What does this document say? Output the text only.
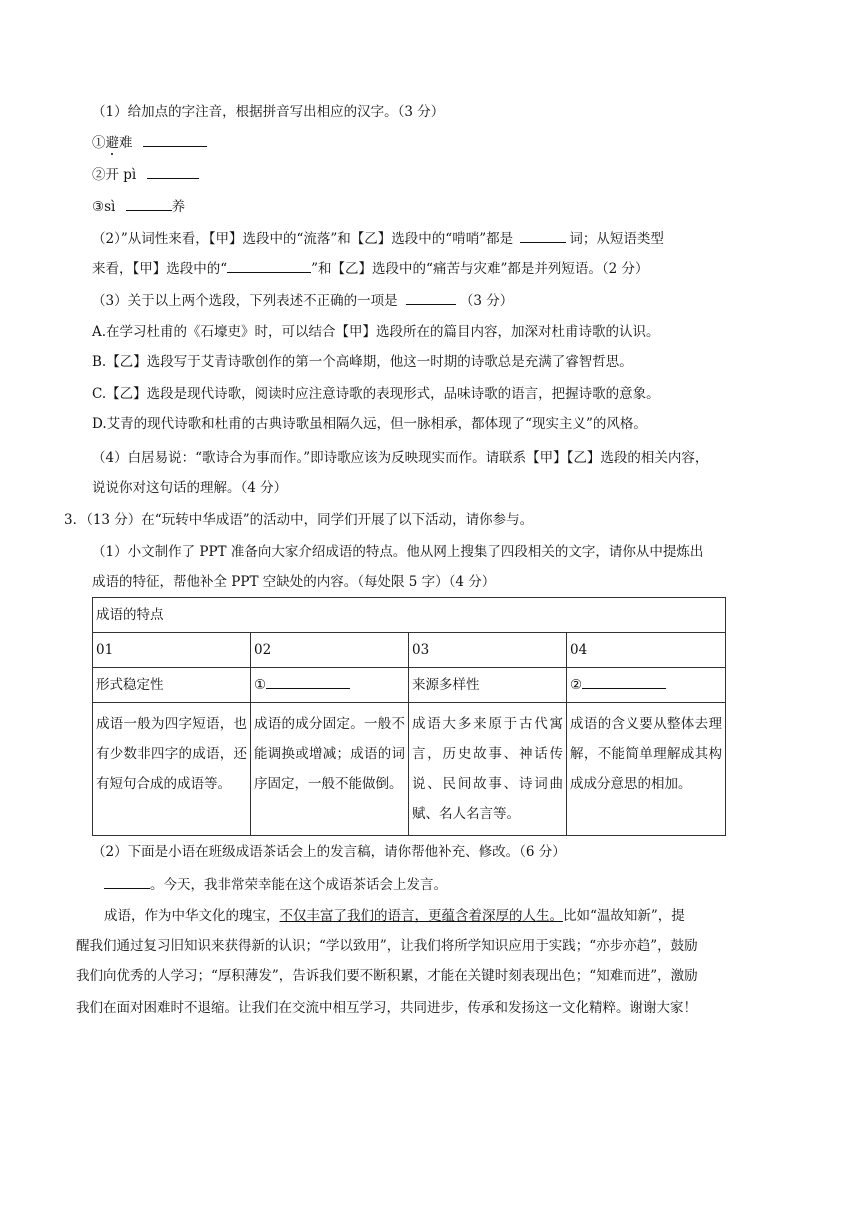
（1）给加点的字注音，根据拼音写出相应的汉字。（3 分）
①避难
②开 pì
③sì	养
（2）”从词性来看，【甲】选段中的“流落”和【乙】选段中的“啃哨”都是	词；从短语类型
来看，【甲】选段中的“	”和【乙】选段中的“痛苦与灾难”都是并列短语。（2 分）
（3）关于以上两个选段，下列表述不正确的一项是	（3 分）
A.在学习杜甫的《石壕吏》时，可以结合【甲】选段所在的篇目内容，加深对杜甫诗歌的认识。
B.【乙】选段写于艾青诗歌创作的第一个高峰期，他这一时期的诗歌总是充满了睿智哲思。
C.【乙】选段是现代诗歌，阅读时应注意诗歌的表现形式，品味诗歌的语言，把握诗歌的意象。
D.艾青的现代诗歌和杜甫的古典诗歌虽相隔久远，但一脉相承，都体现了“现实主义”的风格。
（4）白居易说：“歌诗合为事而作。”即诗歌应该为反映现实而作。请联系【甲】【乙】选段的相关内容，
说说你对这句话的理解。（4 分）
3．（13 分）在“玩转中华成语”的活动中，同学们开展了以下活动，请你参与。
（1）小文制作了 PPT 准备向大家介绍成语的特点。他从网上搜集了四段相关的文字，请你从中提炼出
成语的特征，帮他补全 PPT 空缺处的内容。（每处限 5 字）（4 分）
成语的特点			
01	02	03	04
形式稳定性	①	来源多样性	②
成语一般为四字短语，也有少数非四字的成语，还有短句合成的成语等。	成语的成分固定。一般不能调换或增减；成语的词序固定，一般不能做倒。	成语大多来原于古代寓言，历史故事、神话传说、民间故事、诗词曲赋、名人名言等。	成语的含义要从整体去理解，不能简单理解成其构成成分意思的相加。
（2）下面是小语在班级成语茶话会上的发言稿，请你帮他补充、修改。（6 分）
。今天，我非常荣幸能在这个成语茶话会上发言。
成语，作为中华文化的瑰宝，不仅丰富了我们的语言，更蕴含着深厚的人生。比如“温故知新”，提
醒我们通过复习旧知识来获得新的认识；“学以致用”，让我们将所学知识应用于实践；“亦步亦趋”，鼓励
我们向优秀的人学习；“厚积薄发”，告诉我们要不断积累，才能在关键时刻表现出色；“知难而进”，激励
我们在面对困难时不退缩。让我们在交流中相互学习，共同进步，传承和发扬这一文化精粹。谢谢大家！
